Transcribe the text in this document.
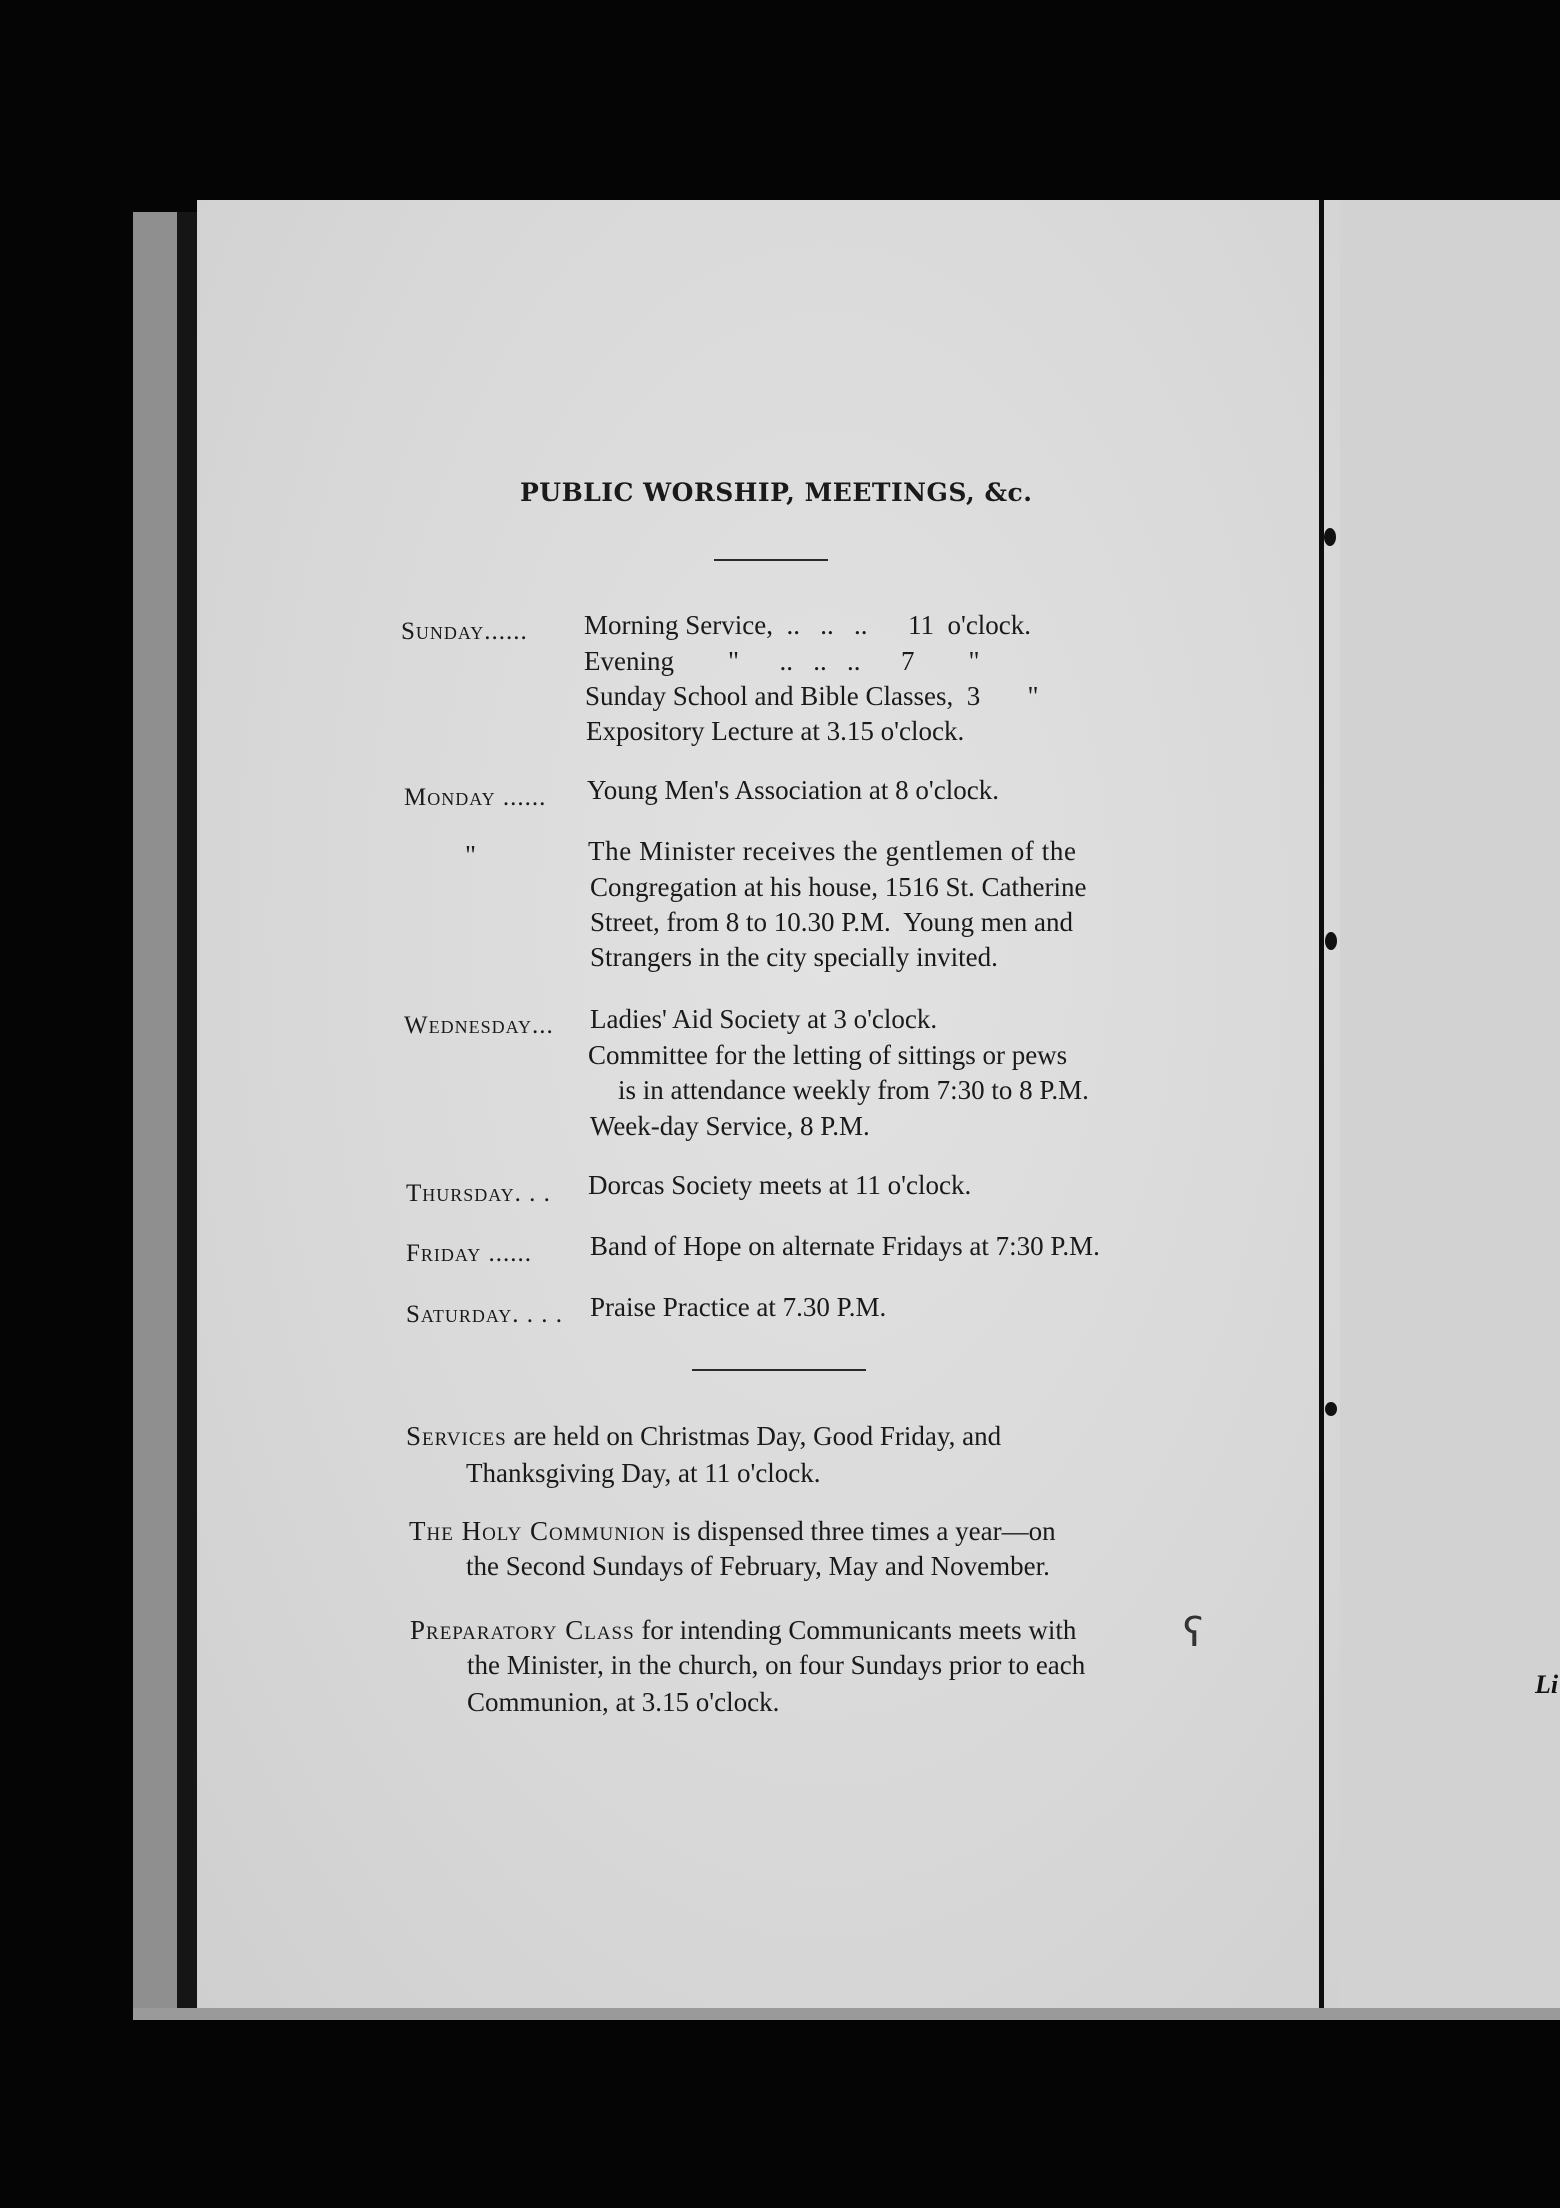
PUBLIC WORSHIP, MEETINGS, &c.
Sunday...... Morning Service,  ..   ..   ..      11  o'clock.
Evening        "      ..   ..   ..      7        "
Sunday School and Bible Classes,  3       "
Expository Lecture at 3.15 o'clock.
Monday ...... Young Men's Association at 8 o'clock.
"	The Minister receives the gentlemen of the
Congregation at his house, 1516 St. Catherine
Street, from 8 to 10.30 P.M.  Young men and
Strangers in the city specially invited.
Wednesday... Ladies' Aid Society at 3 o'clock.
Committee for the letting of sittings or pews
is in attendance weekly from 7:30 to 8 P.M.
Week-day Service, 8 P.M.
Thursday. . . Dorcas Society meets at 11 o'clock.
Friday ...... Band of Hope on alternate Fridays at 7:30 P.M.
Saturday. . . . Praise Practice at 7.30 P.M.
Services are held on Christmas Day, Good Friday, and
Thanksgiving Day, at 11 o'clock.
The Holy Communion is dispensed three times a year—on
the Second Sundays of February, May and November.
Preparatory Class for intending Communicants meets with
the Minister, in the church, on four Sundays prior to each
Communion, at 3.15 o'clock.
ʕ
Li
